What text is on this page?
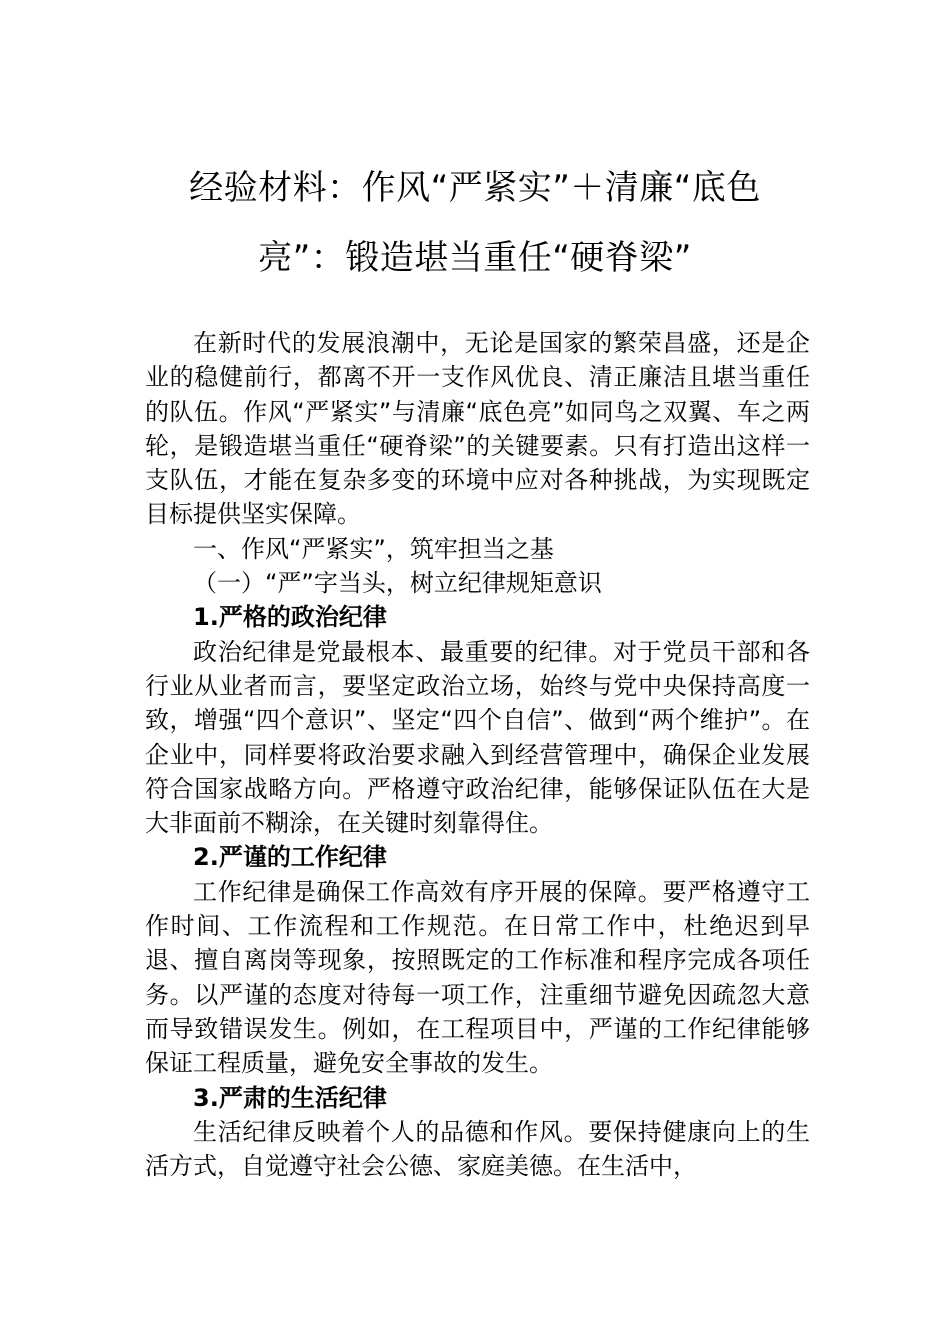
经验材料：作风“严紧实”＋清廉“底色
亮”：锻造堪当重任“硬脊梁”

在新时代的发展浪潮中，无论是国家的繁荣昌盛，还是企业的稳健前行，都离不开一支作风优良、清正廉洁且堪当重任的队伍。作风“严紧实”与清廉“底色亮”如同鸟之双翼、车之两轮，是锻造堪当重任“硬脊梁”的关键要素。只有打造出这样一支队伍，才能在复杂多变的环境中应对各种挑战，为实现既定目标提供坚实保障。

一、作风“严紧实”，筑牢担当之基

（一）“严”字当头，树立纪律规矩意识

1.严格的政治纪律

政治纪律是党最根本、最重要的纪律。对于党员干部和各行业从业者而言，要坚定政治立场，始终与党中央保持高度一致，增强“四个意识”、坚定“四个自信”、做到“两个维护”。在企业中，同样要将政治要求融入到经营管理中，确保企业发展符合国家战略方向。严格遵守政治纪律，能够保证队伍在大是大非面前不糊涂，在关键时刻靠得住。

2.严谨的工作纪律

工作纪律是确保工作高效有序开展的保障。要严格遵守工作时间、工作流程和工作规范。在日常工作中，杜绝迟到早退、擅自离岗等现象，按照既定的工作标准和程序完成各项任务。以严谨的态度对待每一项工作，注重细节避免因疏忽大意而导致错误发生。例如，在工程项目中，严谨的工作纪律能够保证工程质量，避免安全事故的发生。

3.严肃的生活纪律

生活纪律反映着个人的品德和作风。要保持健康向上的生活方式，自觉遵守社会公德、家庭美德。在生活中，
